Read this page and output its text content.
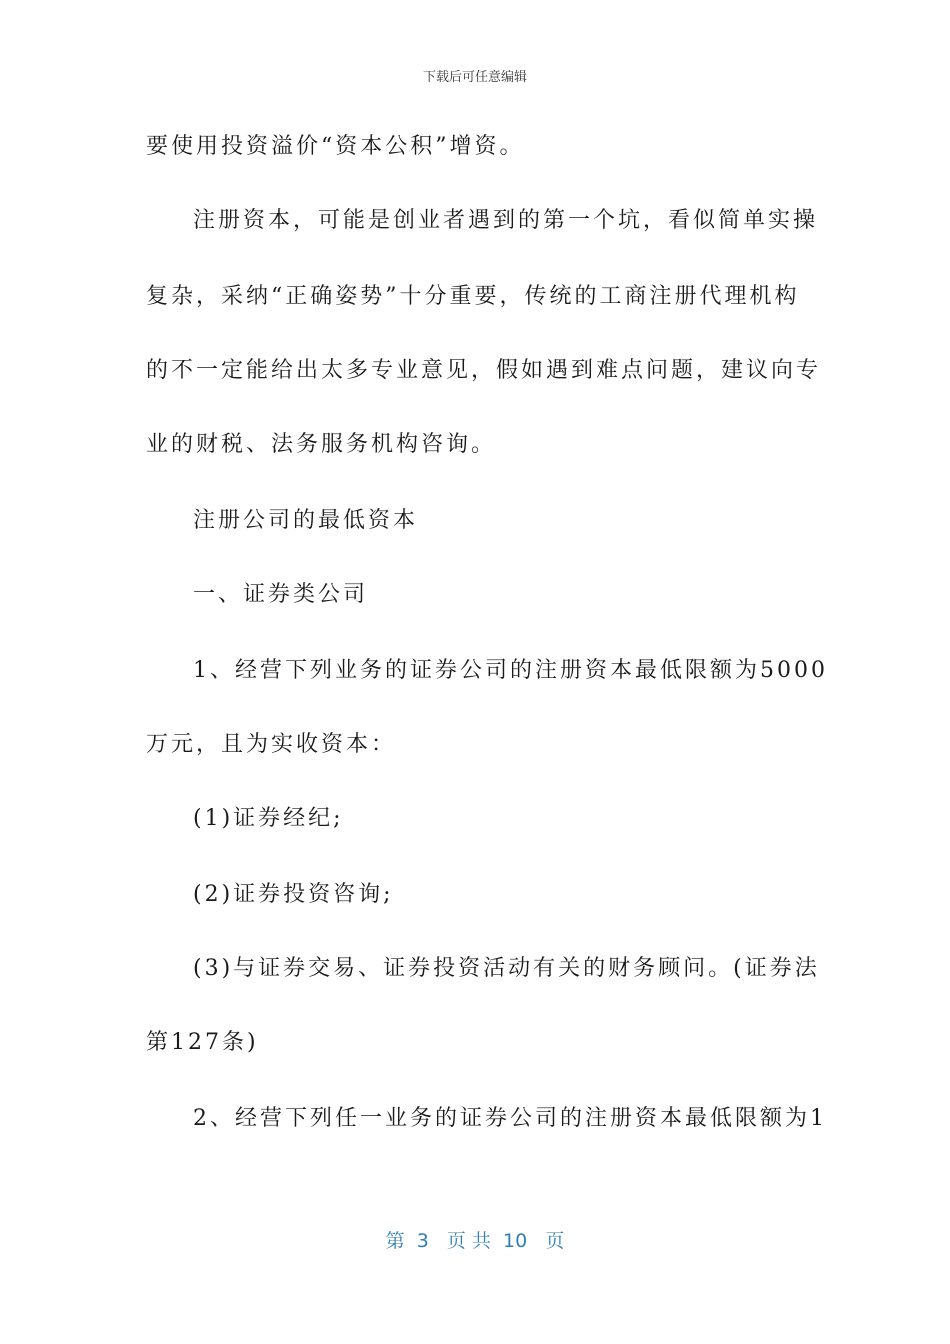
下载后可任意编辑
要使用投资溢价“资本公积”增资。
注册资本，可能是创业者遇到的第一个坑，看似简单实操
复杂，采纳“正确姿势”十分重要，传统的工商注册代理机构
的不一定能给出太多专业意见，假如遇到难点问题，建议向专
业的财税、法务服务机构咨询。
注册公司的最低资本
一、证券类公司
1、经营下列业务的证券公司的注册资本最低限额为5000
万元，且为实收资本：
(1)证券经纪;
(2)证券投资咨询;
(3)与证券交易、证券投资活动有关的财务顾问。(证券法
第127条)
2、经营下列任一业务的证券公司的注册资本最低限额为1
第  3   页 共  10   页
